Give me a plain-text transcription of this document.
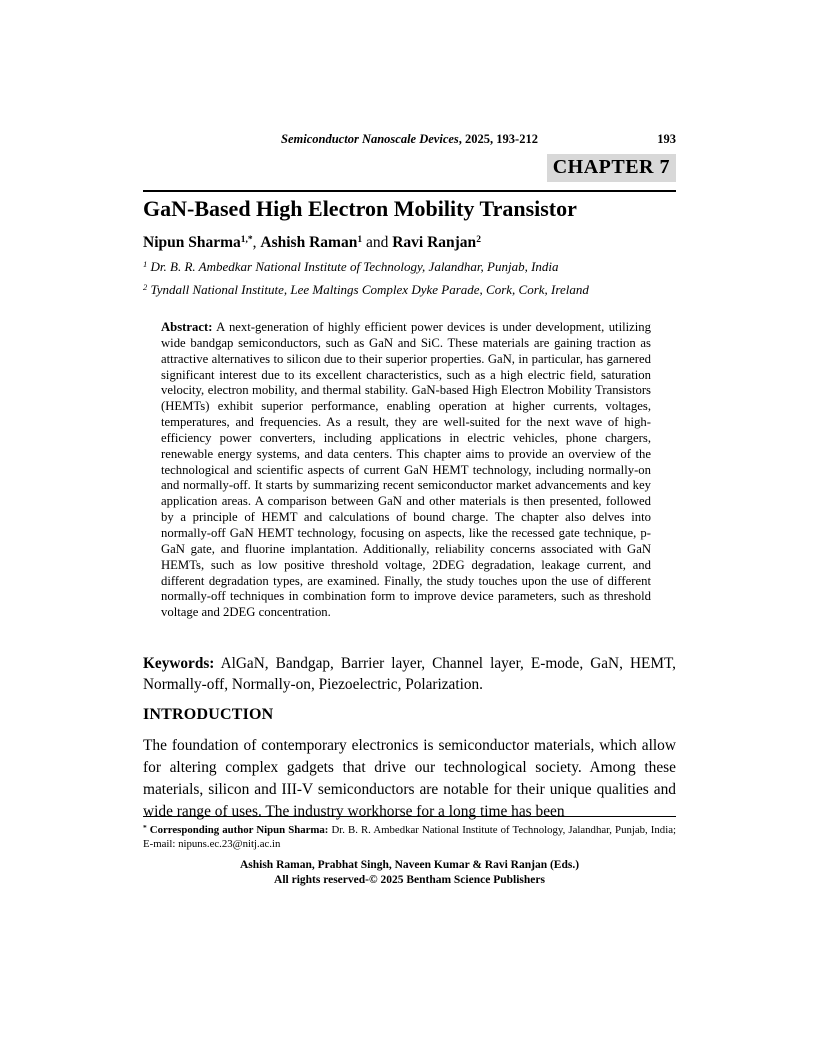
Semiconductor Nanoscale Devices, 2025, 193-212	193
CHAPTER 7
GaN-Based High Electron Mobility Transistor
Nipun Sharma$^{1,*}$, Ashish Raman$^1$ and Ravi Ranjan$^2$
$^1$ Dr. B. R. Ambedkar National Institute of Technology, Jalandhar, Punjab, India
$^2$ Tyndall National Institute, Lee Maltings Complex Dyke Parade, Cork, Cork, Ireland
Abstract: A next-generation of highly efficient power devices is under development, utilizing wide bandgap semiconductors, such as GaN and SiC. These materials are gaining traction as attractive alternatives to silicon due to their superior properties. GaN, in particular, has garnered significant interest due to its excellent characteristics, such as a high electric field, saturation velocity, electron mobility, and thermal stability. GaN-based High Electron Mobility Transistors (HEMTs) exhibit superior performance, enabling operation at higher currents, voltages, temperatures, and frequencies. As a result, they are well-suited for the next wave of high-efficiency power converters, including applications in electric vehicles, phone chargers, renewable energy systems, and data centers. This chapter aims to provide an overview of the technological and scientific aspects of current GaN HEMT technology, including normally-on and normally-off. It starts by summarizing recent semiconductor market advancements and key application areas. A comparison between GaN and other materials is then presented, followed by a principle of HEMT and calculations of bound charge. The chapter also delves into normally-off GaN HEMT technology, focusing on aspects, like the recessed gate technique, p-GaN gate, and fluorine implantation. Additionally, reliability concerns associated with GaN HEMTs, such as low positive threshold voltage, 2DEG degradation, leakage current, and different degradation types, are examined. Finally, the study touches upon the use of different normally-off techniques in combination form to improve device parameters, such as threshold voltage and 2DEG concentration.
Keywords: AlGaN, Bandgap, Barrier layer, Channel layer, E-mode, GaN, HEMT, Normally-off, Normally-on, Piezoelectric, Polarization.
INTRODUCTION
The foundation of contemporary electronics is semiconductor materials, which allow for altering complex gadgets that drive our technological society. Among these materials, silicon and III-V semiconductors are notable for their unique qualities and wide range of uses. The industry workhorse for a long time has been
* Corresponding author Nipun Sharma: Dr. B. R. Ambedkar National Institute of Technology, Jalandhar, Punjab, India; E-mail: nipuns.ec.23@nitj.ac.in
Ashish Raman, Prabhat Singh, Naveen Kumar & Ravi Ranjan (Eds.)
All rights reserved-© 2025 Bentham Science Publishers
